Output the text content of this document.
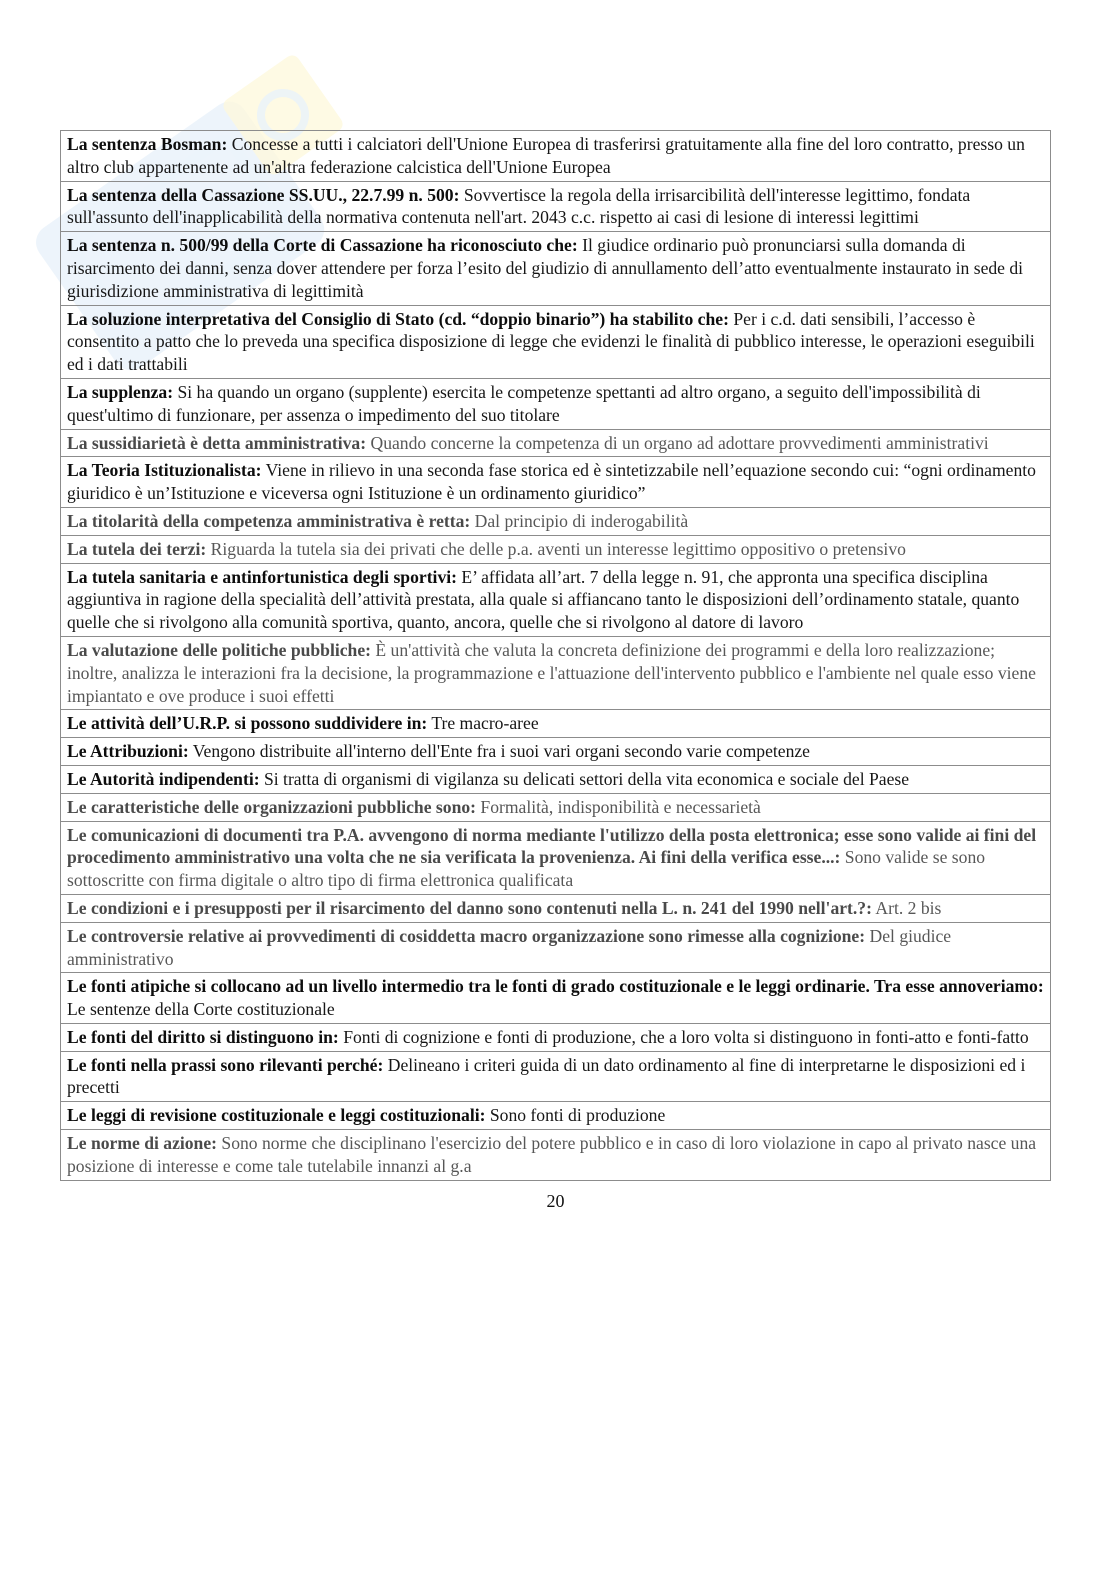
La sentenza Bosman: Concesse a tutti i calciatori dell'Unione Europea di trasferirsi gratuitamente alla fine del loro contratto, presso un altro club appartenente ad un'altra federazione calcistica dell'Unione Europea
La sentenza della Cassazione SS.UU., 22.7.99 n. 500: Sovvertisce la regola della irrisarcibilità dell'interesse legittimo, fondata sull'assunto dell'inapplicabilità della normativa contenuta nell'art. 2043 c.c. rispetto ai casi di lesione di interessi legittimi
La sentenza n. 500/99 della Corte di Cassazione ha riconosciuto che: Il giudice ordinario può pronunciarsi sulla domanda di risarcimento dei danni, senza dover attendere per forza l’esito del giudizio di annullamento dell’atto eventualmente instaurato in sede di giurisdizione amministrativa di legittimità
La soluzione interpretativa del Consiglio di Stato (cd. “doppio binario”) ha stabilito che: Per i c.d. dati sensibili, l’accesso è consentito a patto che lo preveda una specifica disposizione di legge che evidenzi le finalità di pubblico interesse, le operazioni eseguibili ed i dati trattabili
La supplenza: Si ha quando un organo (supplente) esercita le competenze spettanti ad altro organo, a seguito dell'impossibilità di quest'ultimo di funzionare, per assenza o impedimento del suo titolare
La sussidiarietà è detta amministrativa: Quando concerne la competenza di un organo ad adottare provvedimenti amministrativi
La Teoria Istituzionalista: Viene in rilievo in una seconda fase storica ed è sintetizzabile nell’equazione secondo cui: “ogni ordinamento giuridico è un’Istituzione e viceversa ogni Istituzione è un ordinamento giuridico”
La titolarità della competenza amministrativa è retta: Dal principio di inderogabilità
La tutela dei terzi: Riguarda la tutela sia dei privati che delle p.a. aventi un interesse legittimo oppositivo o pretensivo
La tutela sanitaria e antinfortunistica degli sportivi: E’ affidata all’art. 7 della legge n. 91, che appronta una specifica disciplina aggiuntiva in ragione della specialità dell’attività prestata, alla quale si affiancano tanto le disposizioni dell’ordinamento statale, quanto quelle che si rivolgono alla comunità sportiva, quanto, ancora, quelle che si rivolgono al datore di lavoro
La valutazione delle politiche pubbliche: È un'attività che valuta la concreta definizione dei programmi e della loro realizzazione; inoltre, analizza le interazioni fra la decisione, la programmazione e l'attuazione dell'intervento pubblico e l'ambiente nel quale esso viene impiantato e ove produce i suoi effetti
Le attività dell’U.R.P. si possono suddividere in: Tre macro-aree
Le Attribuzioni: Vengono distribuite all'interno dell'Ente fra i suoi vari organi secondo varie competenze
Le Autorità indipendenti: Si tratta di organismi di vigilanza su delicati settori della vita economica e sociale del Paese
Le caratteristiche delle organizzazioni pubbliche sono: Formalità, indisponibilità e necessarietà
Le comunicazioni di documenti tra P.A. avvengono di norma mediante l'utilizzo della posta elettronica; esse sono valide ai fini del procedimento amministrativo una volta che ne sia verificata la provenienza. Ai fini della verifica esse...: Sono valide se sono sottoscritte con firma digitale o altro tipo di firma elettronica qualificata
Le condizioni e i presupposti per il risarcimento del danno sono contenuti nella L. n. 241 del 1990 nell'art.?: Art. 2 bis
Le controversie relative ai provvedimenti di cosiddetta macro organizzazione sono rimesse alla cognizione: Del giudice amministrativo
Le fonti atipiche si collocano ad un livello intermedio tra le fonti di grado costituzionale e le leggi ordinarie. Tra esse annoveriamo: Le sentenze della Corte costituzionale
Le fonti del diritto si distinguono in: Fonti di cognizione e fonti di produzione, che a loro volta si distinguono in fonti-atto e fonti-fatto
Le fonti nella prassi sono rilevanti perché: Delineano i criteri guida di un dato ordinamento al fine di interpretarne le disposizioni ed i precetti
Le leggi di revisione costituzionale e leggi costituzionali: Sono fonti di produzione
Le norme di azione: Sono norme che disciplinano l'esercizio del potere pubblico e in caso di loro violazione in capo al privato nasce una posizione di interesse e come tale tutelabile innanzi al g.a
20
